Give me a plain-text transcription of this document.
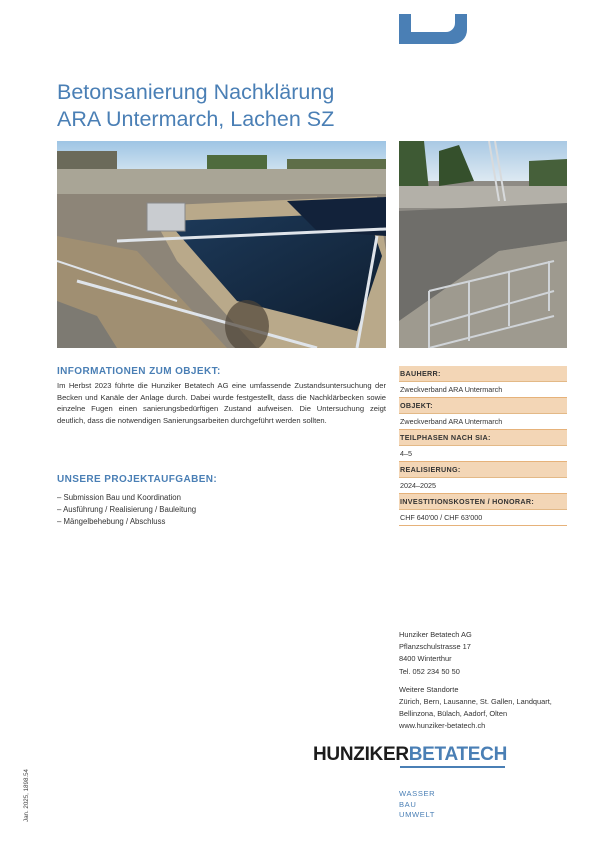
Betonsanierung Nachklärung
ARA Untermarch, Lachen SZ
INFORMATIONEN ZUM OBJEKT:
Im Herbst 2023 führte die Hunziker Betatech AG eine umfassende Zustandsuntersuchung der Becken und Kanäle der Anlage durch. Dabei wurde festgestellt, dass die Nachklärbecken sowie einzelne Fugen einen sanierungsbedürftigen Zustand aufweisen. Die Untersuchung zeigt deutlich, dass die notwendigen Sanierungsarbeiten durchgeführt werden sollten.
UNSERE PROJEKTAUFGABEN:
– Submission Bau und Koordination
– Ausführung / Realisierung / Bauleitung
– Mängelbehebung / Abschluss
BAUHERR:
Zweckverband ARA Untermarch
OBJEKT:
Zweckverband ARA Untermarch
TEILPHASEN NACH SIA:
4–5
REALISIERUNG:
2024–2025
INVESTITIONSKOSTEN / HONORAR:
CHF 640'00 / CHF 63'000
Hunziker Betatech AG
Pflanzschulstrasse 17
8400 Winterthur
Tel. 052 234 50 50
Weitere Standorte
Zürich, Bern, Lausanne, St. Gallen, Landquart,
Bellinzona, Bülach, Aadorf, Olten
www.hunziker-betatech.ch
HUNZIKERBETATECH
WASSER
BAU
UMWELT
Jan. 2025, 1898.54
